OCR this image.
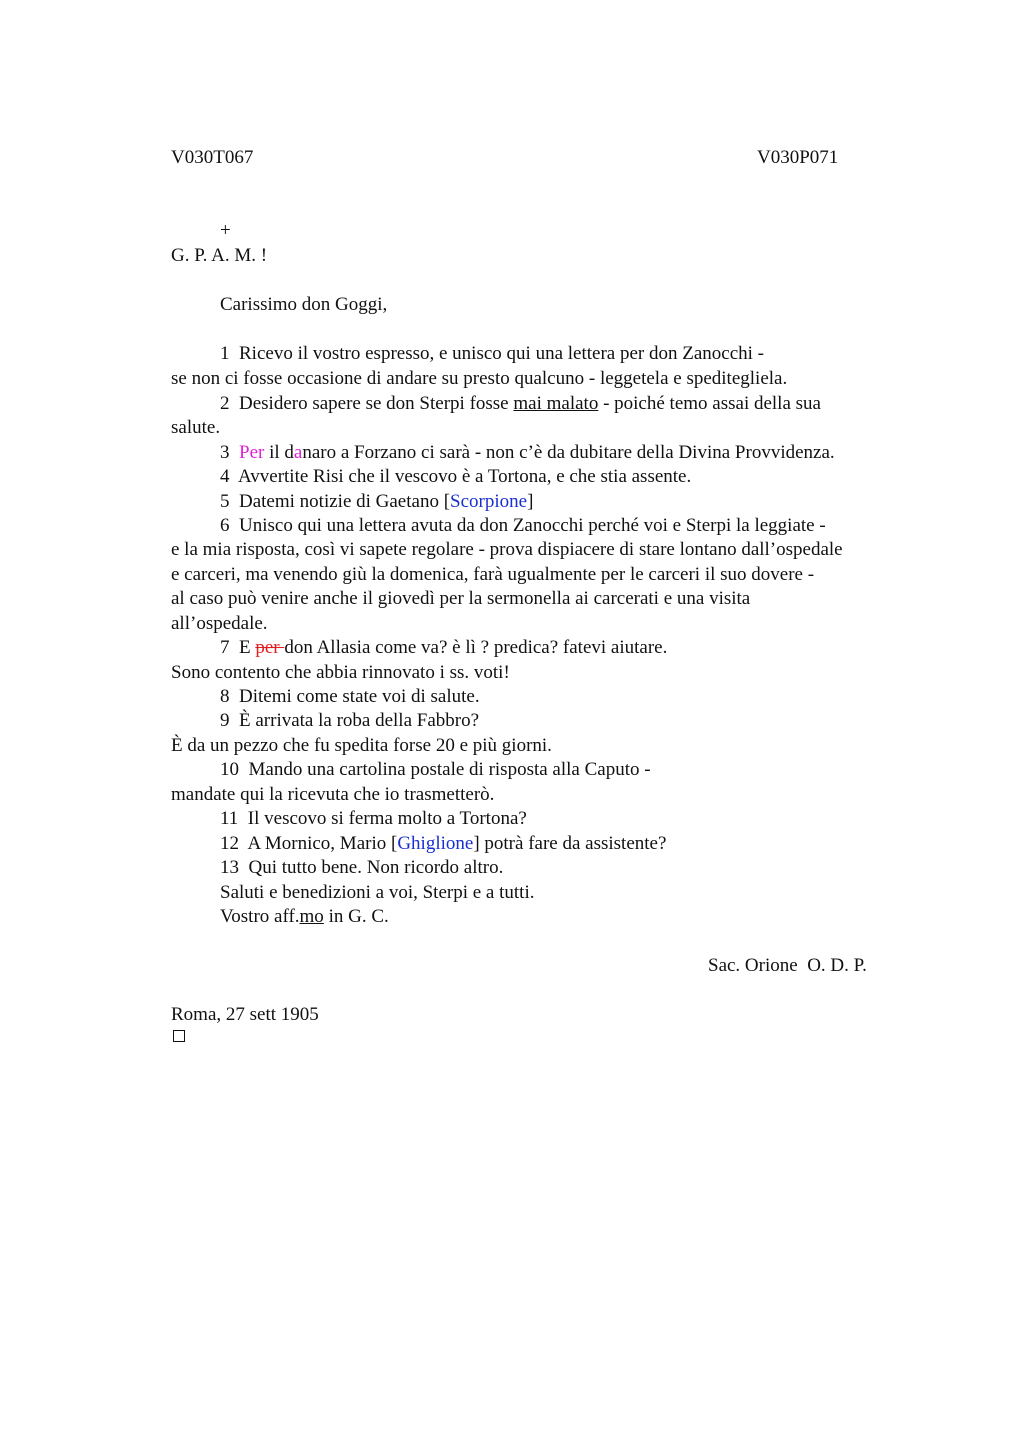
V030T067	V030P071
+
G. P. A. M. !
Carissimo don Goggi,
1  Ricevo il vostro espresso, e unisco qui una lettera per don Zanocchi -
se non ci fosse occasione di andare su presto qualcuno - leggetela e speditegliela.
2  Desidero sapere se don Sterpi fosse mai malato - poiché temo assai della sua
salute.
3  Per il danaro a Forzano ci sarà - non c’è da dubitare della Divina Provvidenza.
4  Avvertite Risi che il vescovo è a Tortona, e che stia assente.
5  Datemi notizie di Gaetano [Scorpione]
6  Unisco qui una lettera avuta da don Zanocchi perché voi e Sterpi la leggiate -
e la mia risposta, così vi sapete regolare - prova dispiacere di stare lontano dall’ospedale
e carceri, ma venendo giù la domenica, farà ugualmente per le carceri il suo dovere -
al caso può venire anche il giovedì per la sermonella ai carcerati e una visita
all’ospedale.
7  E per don Allasia come va? è lì ? predica? fatevi aiutare.
Sono contento che abbia rinnovato i ss. voti!
8  Ditemi come state voi di salute.
9  È arrivata la roba della Fabbro?
È da un pezzo che fu spedita forse 20 e più giorni.
10  Mando una cartolina postale di risposta alla Caputo -
mandate qui la ricevuta che io trasmetterò.
11  Il vescovo si ferma molto a Tortona?
12  A Mornico, Mario [Ghiglione] potrà fare da assistente?
13  Qui tutto bene. Non ricordo altro.
Saluti e benedizioni a voi, Sterpi e a tutti.
Vostro aff.mo in G. C.
Sac. Orione  O. D. P.
Roma, 27 sett 1905
